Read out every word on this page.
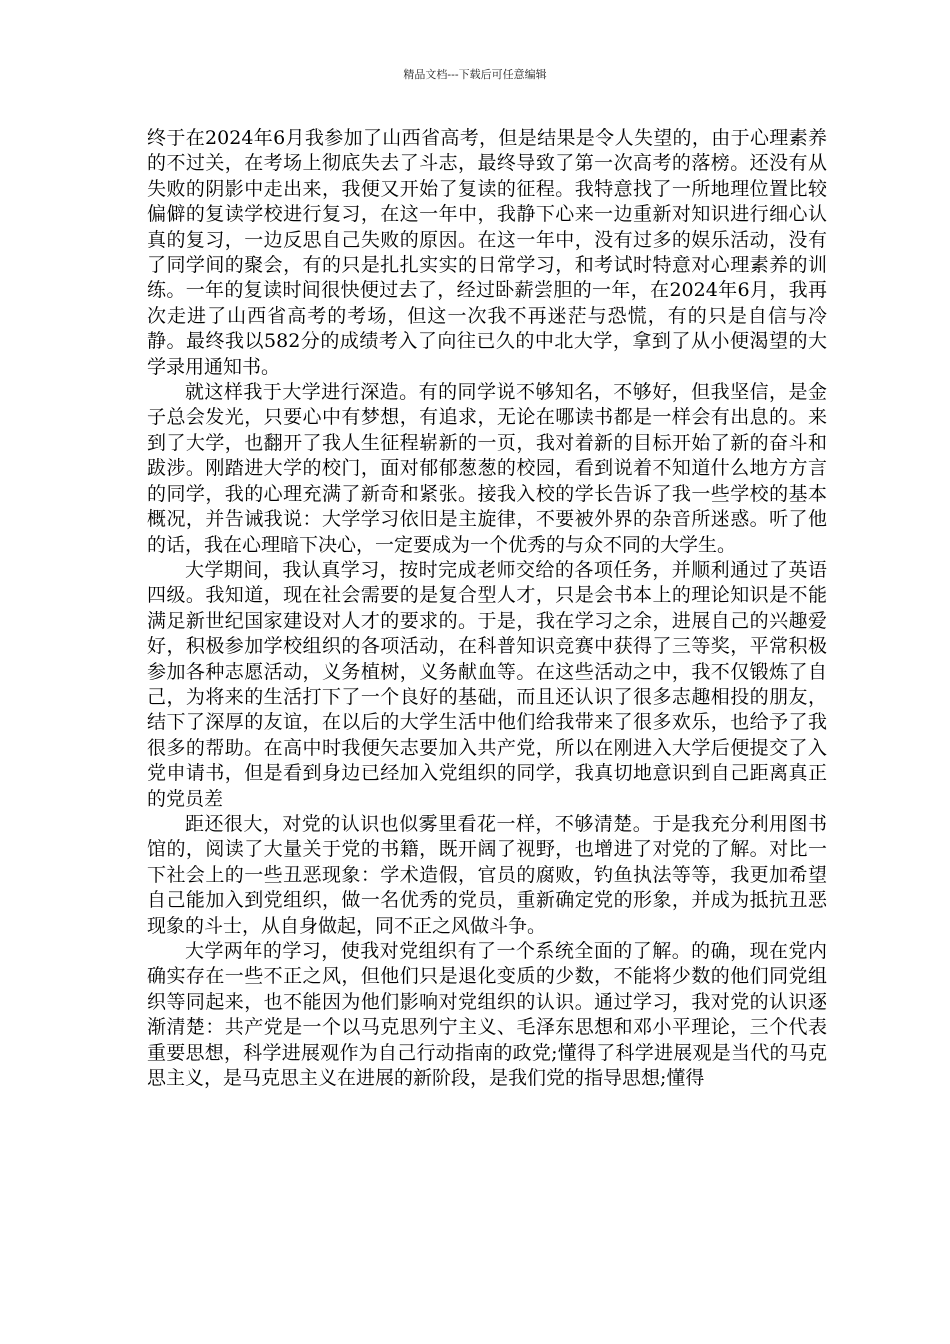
精品文档---下载后可任意编辑

终于在2024年6月我参加了山西省高考，但是结果是令人失望的，由于心理素养的不过关，在考场上彻底失去了斗志，最终导致了第一次高考的落榜。还没有从失败的阴影中走出来，我便又开始了复读的征程。我特意找了一所地理位置比较偏僻的复读学校进行复习，在这一年中，我静下心来一边重新对知识进行细心认真的复习，一边反思自己失败的原因。在这一年中，没有过多的娱乐活动，没有了同学间的聚会，有的只是扎扎实实的日常学习，和考试时特意对心理素养的训练。一年的复读时间很快便过去了，经过卧薪尝胆的一年，在2024年6月，我再次走进了山西省高考的考场，但这一次我不再迷茫与恐慌，有的只是自信与冷静。最终我以582分的成绩考入了向往已久的中北大学，拿到了从小便渴望的大学录用通知书。

就这样我于大学进行深造。有的同学说不够知名，不够好，但我坚信，是金子总会发光，只要心中有梦想，有追求，无论在哪读书都是一样会有出息的。来到了大学，也翻开了我人生征程崭新的一页，我对着新的目标开始了新的奋斗和跋涉。刚踏进大学的校门，面对郁郁葱葱的校园，看到说着不知道什么地方方言的同学，我的心理充满了新奇和紧张。接我入校的学长告诉了我一些学校的基本概况，并告诫我说：大学学习依旧是主旋律，不要被外界的杂音所迷惑。听了他的话，我在心理暗下决心，一定要成为一个优秀的与众不同的大学生。

大学期间，我认真学习，按时完成老师交给的各项任务，并顺利通过了英语四级。我知道，现在社会需要的是复合型人才，只是会书本上的理论知识是不能满足新世纪国家建设对人才的要求的。于是，我在学习之余，进展自己的兴趣爱好，积极参加学校组织的各项活动，在科普知识竞赛中获得了三等奖，平常积极参加各种志愿活动，义务植树，义务献血等。在这些活动之中，我不仅锻炼了自己，为将来的生活打下了一个良好的基础，而且还认识了很多志趣相投的朋友，结下了深厚的友谊，在以后的大学生活中他们给我带来了很多欢乐，也给予了我很多的帮助。在高中时我便矢志要加入共产党，所以在刚进入大学后便提交了入党申请书，但是看到身边已经加入党组织的同学，我真切地意识到自己距离真正的党员差

距还很大，对党的认识也似雾里看花一样，不够清楚。于是我充分利用图书馆的，阅读了大量关于党的书籍，既开阔了视野，也增进了对党的了解。对比一下社会上的一些丑恶现象：学术造假，官员的腐败，钓鱼执法等等，我更加希望自己能加入到党组织，做一名优秀的党员，重新确定党的形象，并成为抵抗丑恶现象的斗士，从自身做起，同不正之风做斗争。

大学两年的学习，使我对党组织有了一个系统全面的了解。的确，现在党内确实存在一些不正之风，但他们只是退化变质的少数，不能将少数的他们同党组织等同起来，也不能因为他们影响对党组织的认识。通过学习，我对党的认识逐渐清楚：共产党是一个以马克思列宁主义、毛泽东思想和邓小平理论，三个代表重要思想，科学进展观作为自己行动指南的政党;懂得了科学进展观是当代的马克思主义，是马克思主义在进展的新阶段，是我们党的指导思想;懂得
